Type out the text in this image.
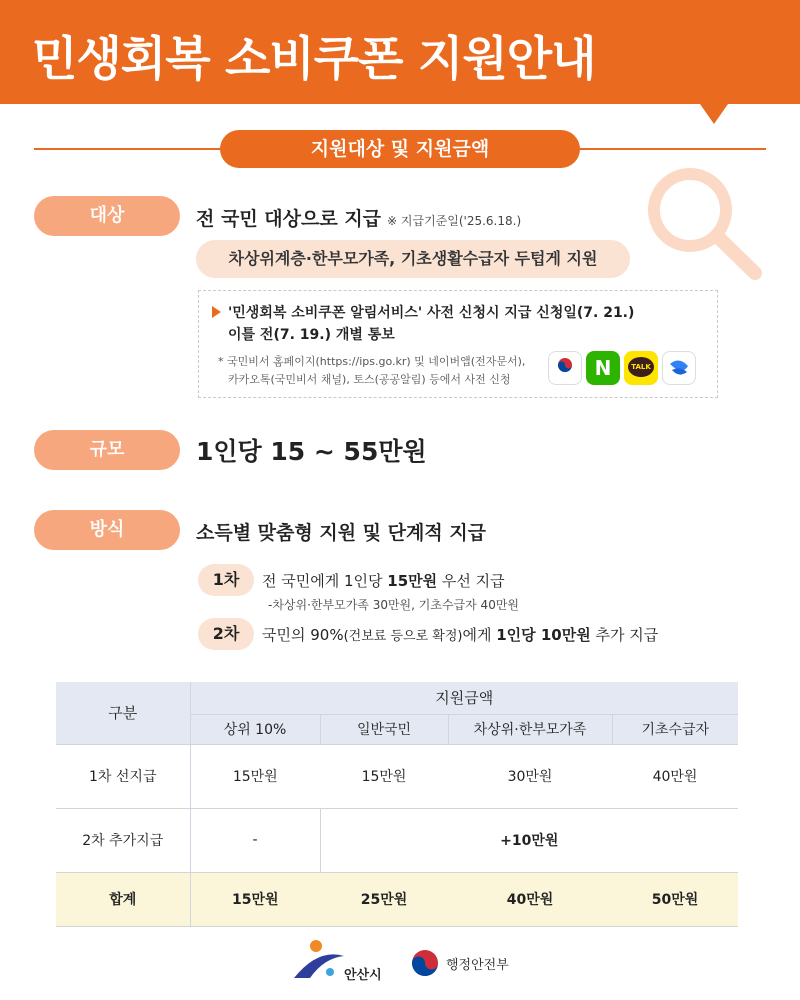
민생회복 소비쿠폰 지원안내
지원대상 및 지원금액
대상	전 국민 대상으로 지급 ※ 지급기준일('25.6.18.)
차상위계층·한부모가족, 기초생활수급자 두텁게 지원
'민생회복 소비쿠폰 알림서비스' 사전 신청시 지급 신청일(7. 21.)
이틀 전(7. 19.) 개별 통보
* 국민비서 홈페이지(https://ips.go.kr) 및 네이버앱(전자문서),
카카오톡(국민비서 채널), 토스(공공알림) 등에서 사전 신청	N	TALK
규모	1인당 15 ~ 55만원
방식	소득별 맞춤형 지원 및 단계적 지급
1차	전 국민에게 1인당 15만원 우선 지급
-차상위·한부모가족 30만원, 기초수급자 40만원
2차	국민의 90%(건보료 등으로 확정)에게 1인당 10만원 추가 지급
구분	지원금액			
	상위 10%	일반국민	차상위·한부모가족	기초수급자
1차 선지급	15만원	15만원	30만원	40만원
2차 추가지급	-	+10만원		
합계	15만원	25만원	40만원	50만원
안산시
행정안전부
